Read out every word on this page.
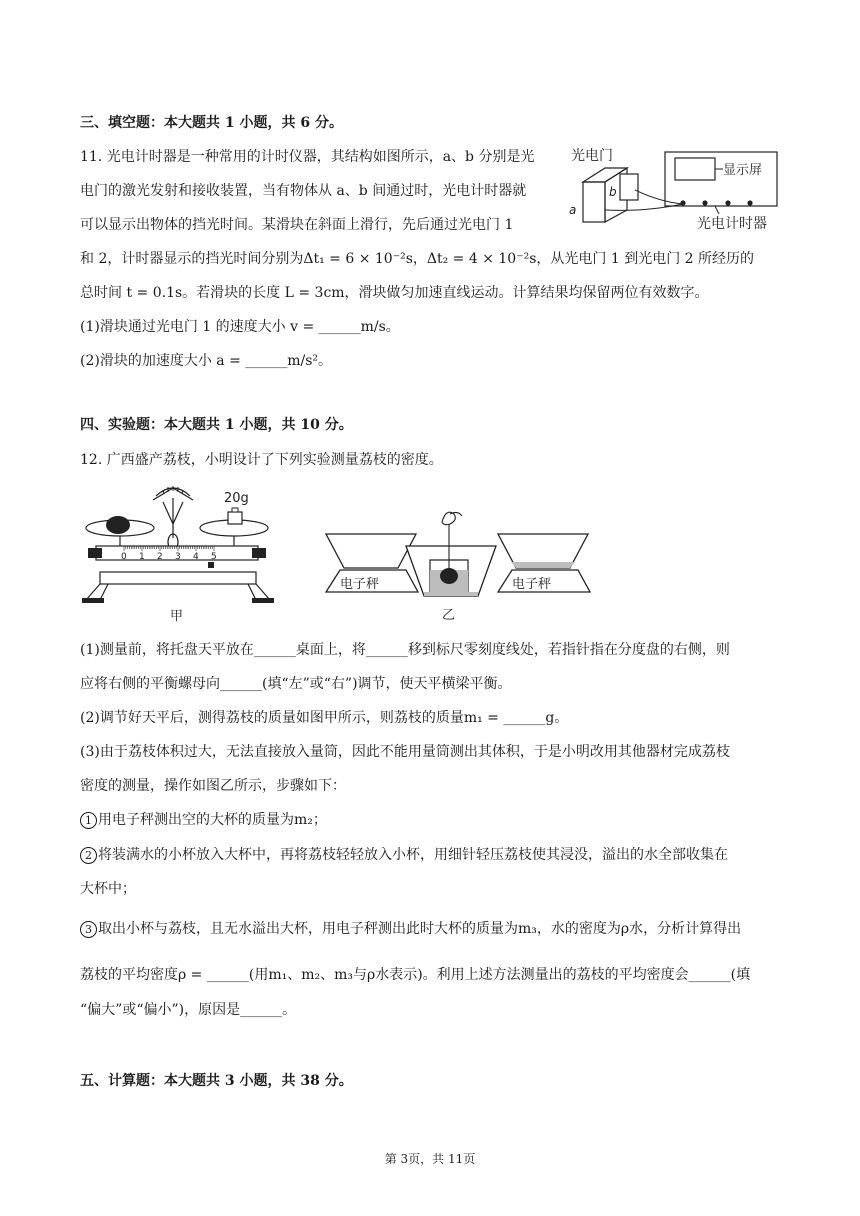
三、填空题：本大题共 1 小题，共 6 分。
11. 光电计时器是一种常用的计时仪器，其结构如图所示，a、b 分别是光
电门的激光发射和接收装置，当有物体从 a、b 间通过时，光电计时器就
可以显示出物体的挡光时间。某滑块在斜面上滑行，先后通过光电门 1
和 2，计时器显示的挡光时间分别为Δt₁ = 6 × 10⁻²s，Δt₂ = 4 × 10⁻²s，从光电门 1 到光电门 2 所经历的
总时间 t = 0.1s。若滑块的长度 L = 3cm，滑块做匀加速直线运动。计算结果均保留两位有效数字。
(1)滑块通过光电门 1 的速度大小 v = ______m/s。
(2)滑块的加速度大小 a = ______m/s²。
光电门
b
a
显示屏
光电计时器
四、实验题：本大题共 1 小题，共 10 分。
12. 广西盛产荔枝，小明设计了下列实验测量荔枝的密度。
20g
0 1 2 3 4 5
甲
电子秤
乙
电子秤
(1)测量前，将托盘天平放在______桌面上，将______移到标尺零刻度线处，若指针指在分度盘的右侧，则
应将右侧的平衡螺母向______(填“左”或“右”)调节，使天平横梁平衡。
(2)调节好天平后，测得荔枝的质量如图甲所示，则荔枝的质量m₁ = ______g。
(3)由于荔枝体积过大，无法直接放入量筒，因此不能用量筒测出其体积，于是小明改用其他器材完成荔枝
密度的测量，操作如图乙所示，步骤如下：
1 用电子秤测出空的大杯的质量为m₂；
2 将装满水的小杯放入大杯中，再将荔枝轻轻放入小杯，用细针轻压荔枝使其浸没，溢出的水全部收集在
大杯中；
3 取出小杯与荔枝，且无水溢出大杯，用电子秤测出此时大杯的质量为m₃，水的密度为ρ水，分析计算得出
荔枝的平均密度ρ = ______(用m₁、m₂、m₃与ρ水表示)。利用上述方法测量出的荔枝的平均密度会______(填
“偏大”或“偏小”)，原因是______。
五、计算题：本大题共 3 小题，共 38 分。
第 3页，共 11页
